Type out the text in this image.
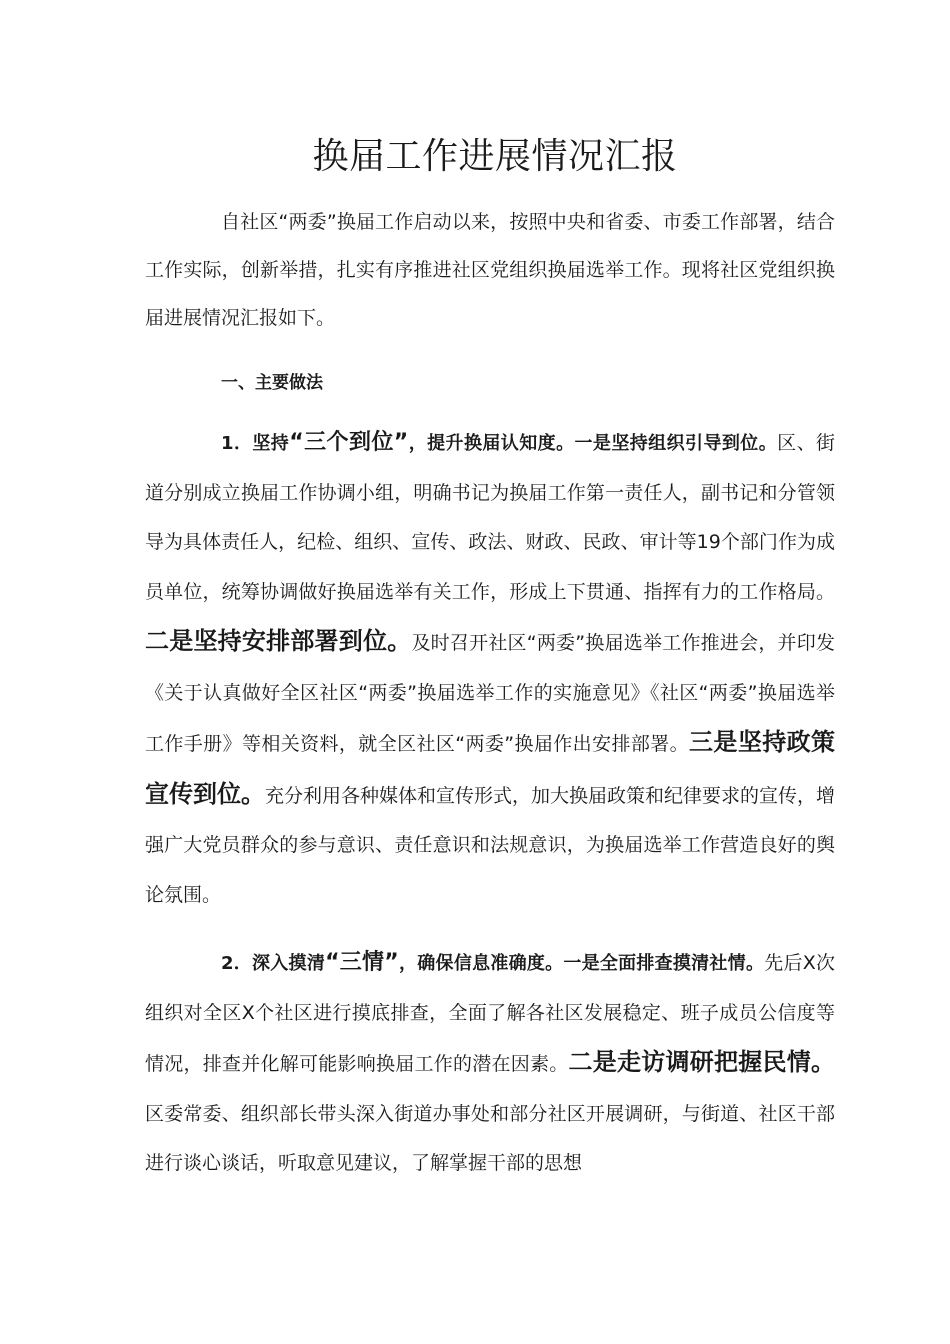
换届工作进展情况汇报

自社区“两委”换届工作启动以来，按照中央和省委、市委工作部署，结合工作实际，创新举措，扎实有序推进社区党组织换届选举工作。现将社区党组织换届进展情况汇报如下。

一、主要做法

1．坚持“三个到位”，提升换届认知度。一是坚持组织引导到位。区、街道分别成立换届工作协调小组，明确书记为换届工作第一责任人，副书记和分管领导为具体责任人，纪检、组织、宣传、政法、财政、民政、审计等19个部门作为成员单位，统筹协调做好换届选举有关工作，形成上下贯通、指挥有力的工作格局。二是坚持安排部署到位。及时召开社区“两委”换届选举工作推进会，并印发《关于认真做好全区社区“两委”换届选举工作的实施意见》《社区“两委”换届选举工作手册》等相关资料，就全区社区“两委”换届作出安排部署。三是坚持政策宣传到位。充分利用各种媒体和宣传形式，加大换届政策和纪律要求的宣传，增强广大党员群众的参与意识、责任意识和法规意识，为换届选举工作营造良好的舆论氛围。

2．深入摸清“三情”，确保信息准确度。一是全面排查摸清社情。先后X次组织对全区X个社区进行摸底排查，全面了解各社区发展稳定、班子成员公信度等情况，排查并化解可能影响换届工作的潜在因素。二是走访调研把握民情。区委常委、组织部长带头深入街道办事处和部分社区开展调研，与街道、社区干部进行谈心谈话，听取意见建议，了解掌握干部的思想
